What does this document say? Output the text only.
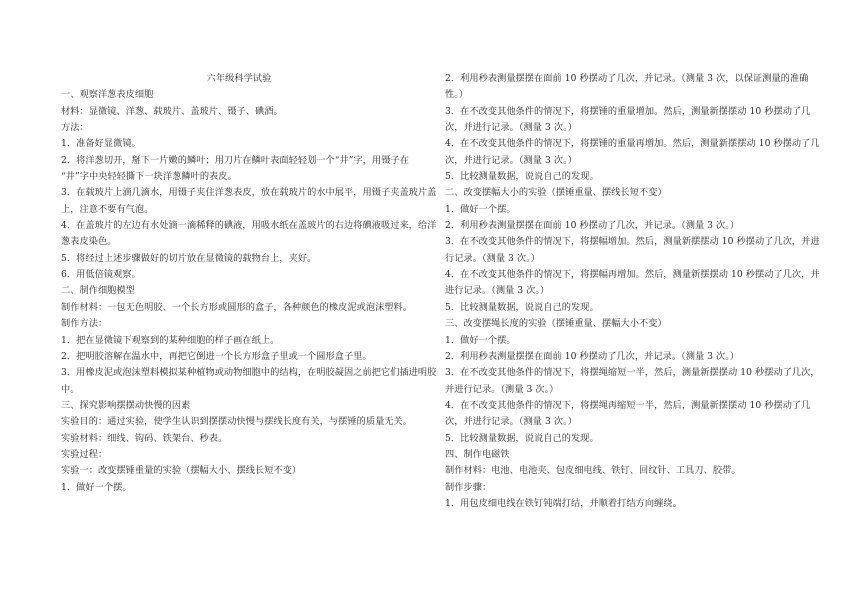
六年级科学试验
一、观察洋葱表皮细胞
材料：显微镜、洋葱、载玻片、盖玻片、镊子、碘酒。
方法：
1．准备好显微镜。
2．将洋葱切开，掰下一片嫩的鳞叶；用刀片在鳞叶表面轻轻划一个“井”字，用镊子在
“井”字中央轻轻撕下一块洋葱鳞叶的表皮。
3．在载玻片上滴几滴水，用镊子夹住洋葱表皮，放在载玻片的水中展平，用镊子夹盖玻片盖
上，注意不要有气泡。
4．在盖玻片的左边有水处滴一滴稀释的碘液，用吸水纸在盖玻片的右边将碘液吸过来，给洋
葱表皮染色。
5．将经过上述步骤做好的切片放在显微镜的载物台上，夹好。
6．用低倍镜观察。
二、制作细胞模型
制作材料：一包无色明胶、一个长方形或圆形的盒子，各种颜色的橡皮泥或泡沫塑料。
制作方法：
1．把在显微镜下观察到的某种细胞的样子画在纸上。
2．把明胶溶解在温水中，再把它倒进一个长方形盒子里或一个圆形盒子里。
3．用橡皮泥或泡沫塑料模拟某种植物或动物细胞中的结构，在明胶凝固之前把它们插进明胶
中。
三、探究影响摆摆动快慢的因素
实验目的：通过实验，使学生认识到摆摆动快慢与摆线长度有关，与摆锤的质量无关。
实验材料：细线、钩码、铁架台、秒表。
实验过程：
实验一：改变摆锤重量的实验（摆幅大小、摆线长短不变）
1．做好一个摆。
2．利用秒表测量摆摆在面前 10 秒摆动了几次，并记录。（测量 3 次，以保证测量的准确
性。）
3．在不改变其他条件的情况下，将摆锤的重量增加。然后，测量新摆摆动 10 秒摆动了几
次，并进行记录。（测量 3 次。）
4．在不改变其他条件的情况下，将摆锤的重量再增加。然后，测量新摆摆动 10 秒摆动了几
次，并进行记录。（测量 3 次。）
5．比较测量数据，说说自己的发现。
二、改变摆幅大小的实验（摆锤重量、摆线长短不变）
1．做好一个摆。
2．利用秒表测量摆摆在面前 10 秒摆动了几次，并记录。（测量 3 次。）
3．在不改变其他条件的情况下，将摆幅增加。然后，测量新摆摆动 10 秒摆动了几次，并进
行记录。（测量 3 次。）
4．在不改变其他条件的情况下，将摆幅再增加。然后，测量新摆摆动 10 秒摆动了几次，并
进行记录。（测量 3 次。）
5．比较测量数据，说说自己的发现。
三、改变摆绳长度的实验（摆锤重量、摆幅大小不变）
1．做好一个摆。
2．利用秒表测量摆摆在面前 10 秒摆动了几次，并记录。（测量 3 次。）
3．在不改变其他条件的情况下，将摆绳缩短一半，然后，测量新摆摆动 10 秒摆动了几次，
并进行记录。（测量 3 次。）
4．在不改变其他条件的情况下，将摆绳再缩短一半，然后，测量新摆摆动 10 秒摆动了几
次，并进行记录。（测量 3 次。）
5．比较测量数据，说说自己的发现。
四、制作电磁铁
制作材料：电池、电池夹、包皮细电线、铁钉、回纹针、工具刀、胶带。
制作步骤：
1．用包皮细电线在铁钉钝端打结，并顺着打结方向缠绕。
